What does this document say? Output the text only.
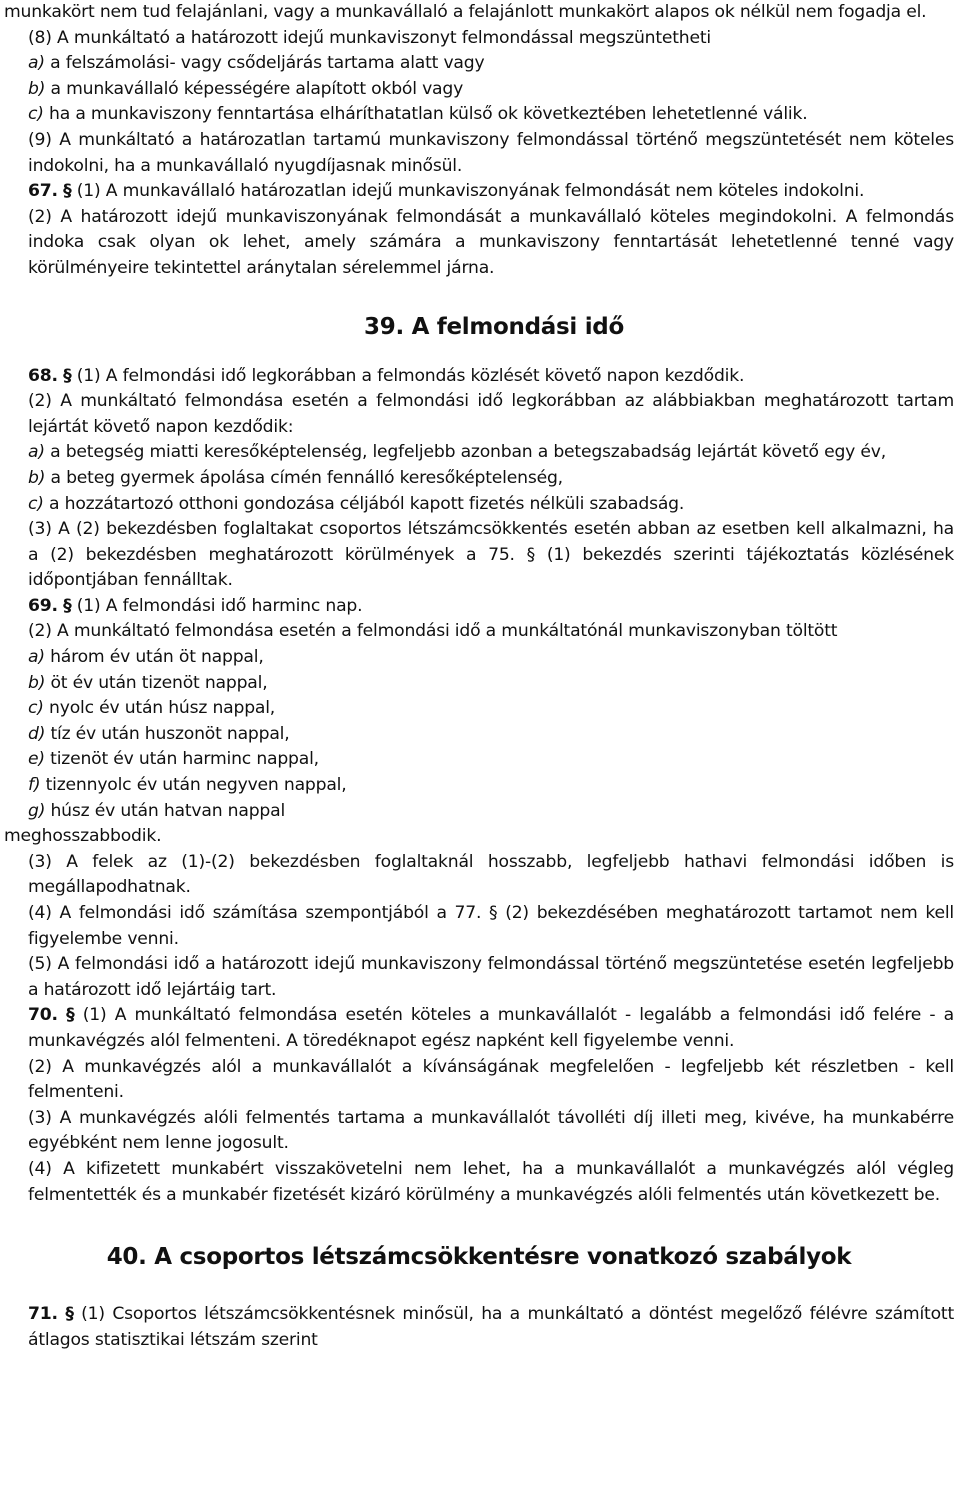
munkakört nem tud felajánlani, vagy a munkavállaló a felajánlott munkakört alapos ok nélkül nem fogadja el.

(8) A munkáltató a határozott idejű munkaviszonyt felmondással megszüntetheti

a) a felszámolási- vagy csődeljárás tartama alatt vagy

b) a munkavállaló képességére alapított okból vagy

c) ha a munkaviszony fenntartása elháríthatatlan külső ok következtében lehetetlenné válik.

(9) A munkáltató a határozatlan tartamú munkaviszony felmondással történő megszüntetését nem köteles indokolni, ha a munkavállaló nyugdíjasnak minősül.

67. § (1) A munkavállaló határozatlan idejű munkaviszonyának felmondását nem köteles indokolni.

(2) A határozott idejű munkaviszonyának felmondását a munkavállaló köteles megindokolni. A felmondás indoka csak olyan ok lehet, amely számára a munkaviszony fenntartását lehetetlenné tenné vagy körülményeire tekintettel aránytalan sérelemmel járna.

39. A felmondási idő

68. § (1) A felmondási idő legkorábban a felmondás közlését követő napon kezdődik.

(2) A munkáltató felmondása esetén a felmondási idő legkorábban az alábbiakban meghatározott tartam lejártát követő napon kezdődik:

a) a betegség miatti keresőképtelenség, legfeljebb azonban a betegszabadság lejártát követő egy év,

b) a beteg gyermek ápolása címén fennálló keresőképtelenség,

c) a hozzátartozó otthoni gondozása céljából kapott fizetés nélküli szabadság.

(3) A (2) bekezdésben foglaltakat csoportos létszámcsökkentés esetén abban az esetben kell alkalmazni, ha a (2) bekezdésben meghatározott körülmények a 75. § (1) bekezdés szerinti tájékoztatás közlésének időpontjában fennálltak.

69. § (1) A felmondási idő harminc nap.

(2) A munkáltató felmondása esetén a felmondási idő a munkáltatónál munkaviszonyban töltött

a) három év után öt nappal,

b) öt év után tizenöt nappal,

c) nyolc év után húsz nappal,

d) tíz év után huszonöt nappal,

e) tizenöt év után harminc nappal,

f) tizennyolc év után negyven nappal,

g) húsz év után hatvan nappal

meghosszabbodik.

(3) A felek az (1)-(2) bekezdésben foglaltaknál hosszabb, legfeljebb hathavi felmondási időben is megállapodhatnak.

(4) A felmondási idő számítása szempontjából a 77. § (2) bekezdésében meghatározott tartamot nem kell figyelembe venni.

(5) A felmondási idő a határozott idejű munkaviszony felmondással történő megszüntetése esetén legfeljebb a határozott idő lejártáig tart.

70. § (1) A munkáltató felmondása esetén köteles a munkavállalót - legalább a felmondási idő felére - a munkavégzés alól felmenteni. A töredéknapot egész napként kell figyelembe venni.

(2) A munkavégzés alól a munkavállalót a kívánságának megfelelően - legfeljebb két részletben - kell felmenteni.

(3) A munkavégzés alóli felmentés tartama a munkavállalót távolléti díj illeti meg, kivéve, ha munkabérre egyébként nem lenne jogosult.

(4) A kifizetett munkabért visszakövetelni nem lehet, ha a munkavállalót a munkavégzés alól végleg felmentették és a munkabér fizetését kizáró körülmény a munkavégzés alóli felmentés után következett be.

40. A csoportos létszámcsökkentésre vonatkozó szabályok

71. § (1) Csoportos létszámcsökkentésnek minősül, ha a munkáltató a döntést megelőző félévre számított átlagos statisztikai létszám szerint
